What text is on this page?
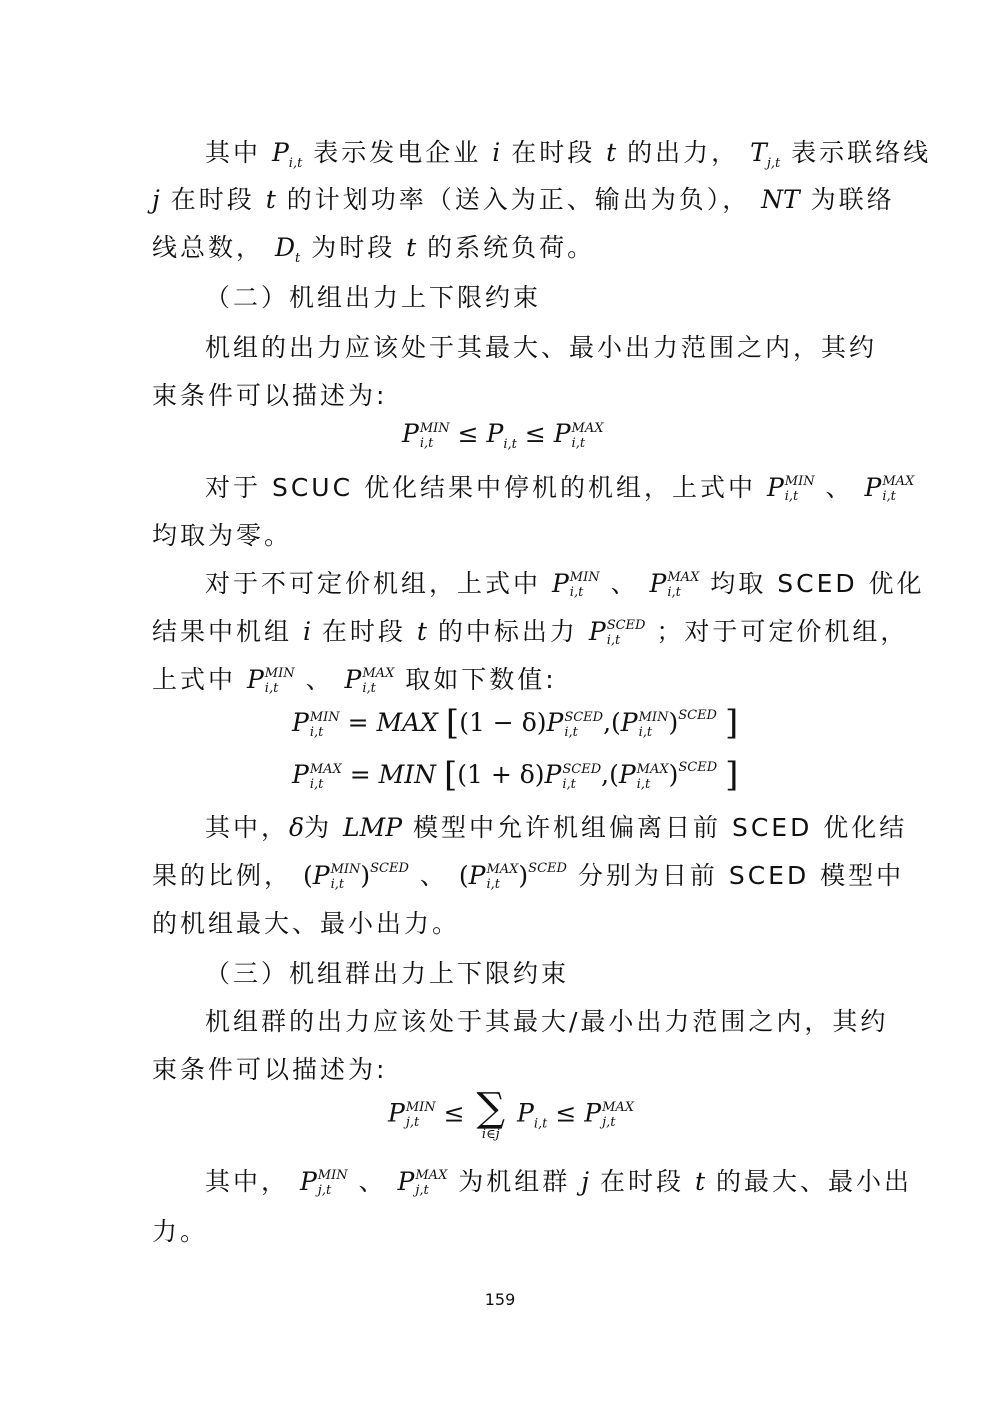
其中 $P_{i,t}$ 表示发电企业 i 在时段 t 的出力， $T_{j,t}$ 表示联络线
j 在时段 t 的计划功率（送入为正、输出为负）， NT 为联络
线总数， $D_t$ 为时段 t 的系统负荷。
（二）机组出力上下限约束
机组的出力应该处于其最大、最小出力范围之内，其约
束条件可以描述为:
P MIN
$i,t \le P_{i,t} \le P$ MAX
i,t
对于 SCUC 优化结果中停机的机组，上式中 P MIN
i,t	、 P MAX
i,t
均取为零。
对于不可定价机组，上式中 P MIN
i,t	、 P MAX
i,t	均取 SCED 优化
结果中机组 i 在时段 t 的中标出力 P SCED
i,t	；对于可定价机组，
上式中 P MIN
i,t	、 P MAX
i,t	取如下数值:
P MIN
i,t = MAX [(1 − δ)P SCED
i,t	,(P MIN
i,t )$^{SCED}$ ]
P MAX
i,t	= MIN [(1 + δ)P SCED
i,t	,(P MAX
i,t )$^{SCED}$ ]
其中，δ为 LMP 模型中允许机组偏离日前 SCED 优化结
果的比例， (P MIN
i,t )$^{SCED}$ 、 (P MAX
i,t )$^{SCED}$ 分别为日前 SCED 模型中
的机组最大、最小出力。
（三）机组群出力上下限约束
机组群的出力应该处于其最大/最小出力范围之内，其约
束条件可以描述为:
P MIN
j,t ≤ ∑
i∈j
$P_{i,t} \le P$ MAX
j,t
其中， P MIN
j,t	、 P MAX
j,t	为机组群 j 在时段 t 的最大、最小出
力。
159
